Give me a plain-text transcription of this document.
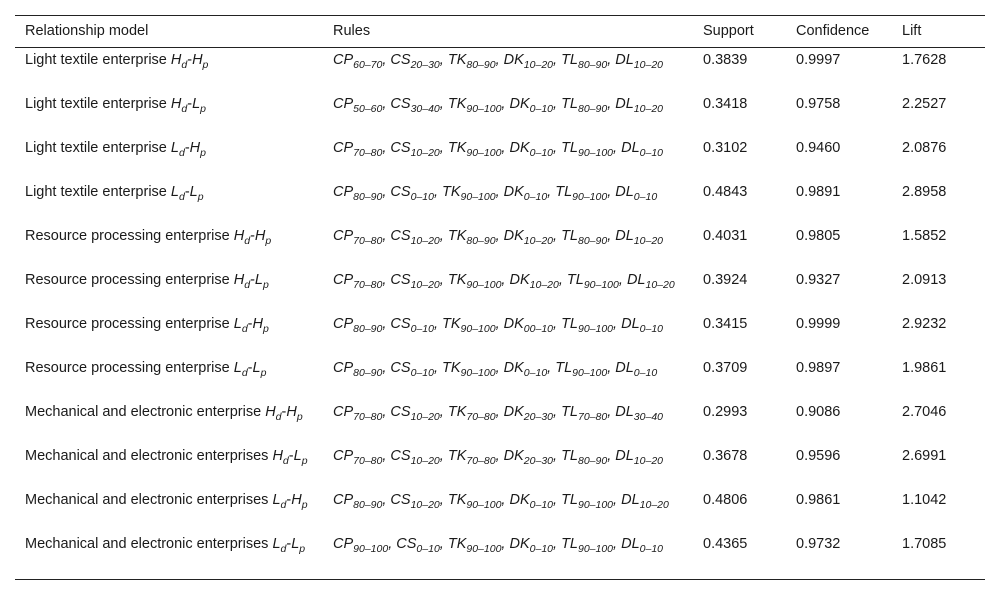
Relationship model	Rules	Support	Confidence	Lift
Light textile enterprise $H_d-H_p$	$CP_{60-70}$, $CS_{20-30}$, $TK_{80-90}$, $DK_{10-20}$, $TL_{80-90}$, $DL_{10-20}$	0.3839	0.9997	1.7628
Light textile enterprise $H_d-L_p$	$CP_{50-60}$, $CS_{30-40}$, $TK_{90-100}$, $DK_{0-10}$, $TL_{80-90}$, $DL_{10-20}$	0.3418	0.9758	2.2527
Light textile enterprise $L_d-H_p$	$CP_{70-80}$, $CS_{10-20}$, $TK_{90-100}$, $DK_{0-10}$, $TL_{90-100}$, $DL_{0-10}$	0.3102	0.9460	2.0876
Light textile enterprise $L_d-L_p$	$CP_{80-90}$, $CS_{0-10}$, $TK_{90-100}$, $DK_{0-10}$, $TL_{90-100}$, $DL_{0-10}$	0.4843	0.9891	2.8958
Resource processing enterprise $H_d-H_p$	$CP_{70-80}$, $CS_{10-20}$, $TK_{80-90}$, $DK_{10-20}$, $TL_{80-90}$, $DL_{10-20}$	0.4031	0.9805	1.5852
Resource processing enterprise $H_d-L_p$	$CP_{70-80}$, $CS_{10-20}$, $TK_{90-100}$, $DK_{10-20}$, $TL_{90-100}$, $DL_{10-20}$	0.3924	0.9327	2.0913
Resource processing enterprise $L_d-H_p$	$CP_{80-90}$, $CS_{0-10}$, $TK_{90-100}$, $DK_{00-10}$, $TL_{90-100}$, $DL_{0-10}$	0.3415	0.9999	2.9232
Resource processing enterprise $L_d-L_p$	$CP_{80-90}$, $CS_{0-10}$, $TK_{90-100}$, $DK_{0-10}$, $TL_{90-100}$, $DL_{0-10}$	0.3709	0.9897	1.9861
Mechanical and electronic enterprise $H_d-H_p$	$CP_{70-80}$, $CS_{10-20}$, $TK_{70-80}$, $DK_{20-30}$, $TL_{70-80}$, $DL_{30-40}$	0.2993	0.9086	2.7046
Mechanical and electronic enterprises $H_d-L_p$	$CP_{70-80}$, $CS_{10-20}$, $TK_{70-80}$, $DK_{20-30}$, $TL_{80-90}$, $DL_{10-20}$	0.3678	0.9596	2.6991
Mechanical and electronic enterprises $L_d-H_p$	$CP_{80-90}$, $CS_{10-20}$, $TK_{90-100}$, $DK_{0-10}$, $TL_{90-100}$, $DL_{10-20}$	0.4806	0.9861	1.1042
Mechanical and electronic enterprises $L_d-L_p$	$CP_{90-100}$, $CS_{0-10}$, $TK_{90-100}$, $DK_{0-10}$, $TL_{90-100}$, $DL_{0-10}$	0.4365	0.9732	1.7085
